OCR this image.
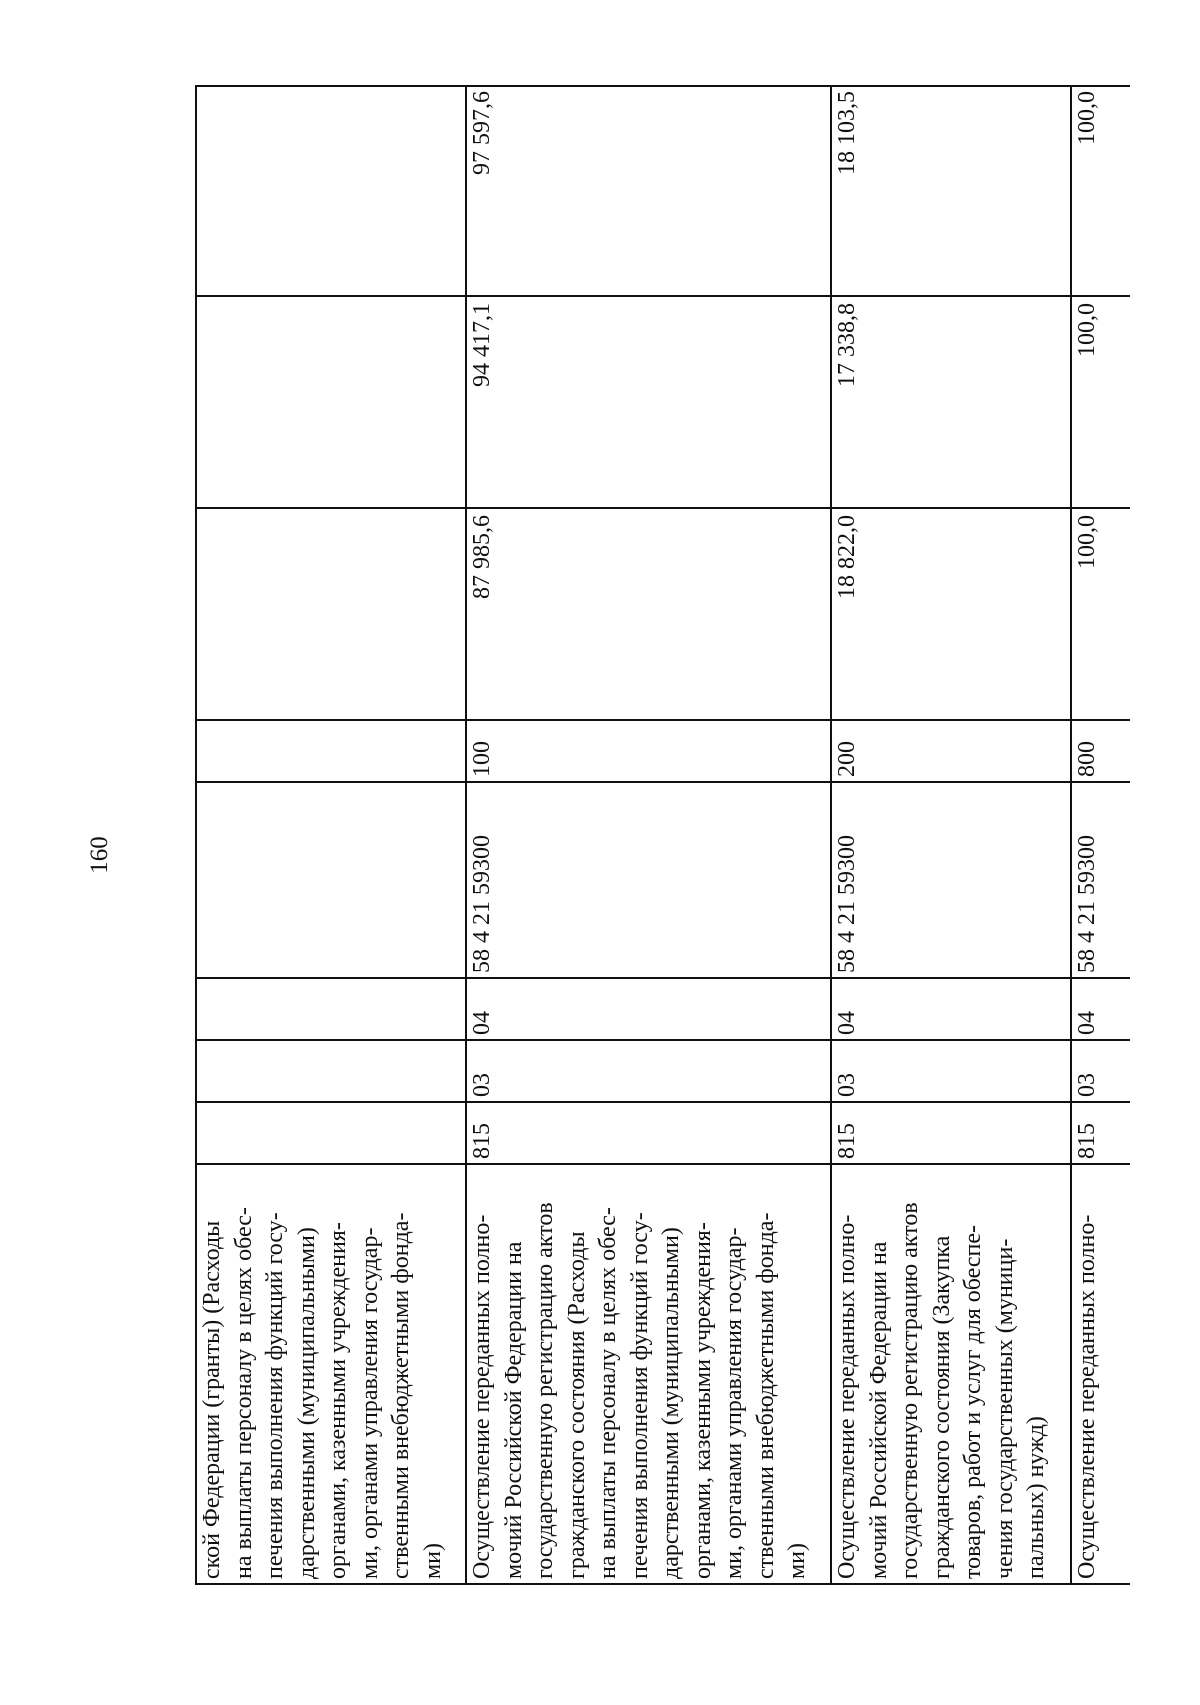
160
ской Федерации (гранты) (Расходы
на выплаты персоналу в целях обес-
печения выполнения функций госу-
дарственными (муниципальными)
органами, казенными учреждения-
ми, органами управления государ-
ственными внебюджетными фонда-
ми) Осуществление переданных полно-
мочий Российской Федерации на
государственную регистрацию актов
гражданского состояния (Расходы
на выплаты персоналу в целях обес-
печения выполнения функций госу-
дарственными (муниципальными)
органами, казенными учреждения-
ми, органами управления государ-
ственными внебюджетными фонда-
ми)
815
03
04
58 4 21 59300
100
87 985,6
94 417,1
97 597,6
Осуществление переданных полно-
мочий Российской Федерации на
государственную регистрацию актов
гражданского состояния (Закупка
товаров, работ и услуг для обеспе-
чения государственных (муници-
пальных) нужд)
815
03
04
58 4 21 59300
200
18 822,0
17 338,8
18 103,5
Осуществление переданных полно-
815
03
04
58 4 21 59300
800
100,0
100,0
100,0
